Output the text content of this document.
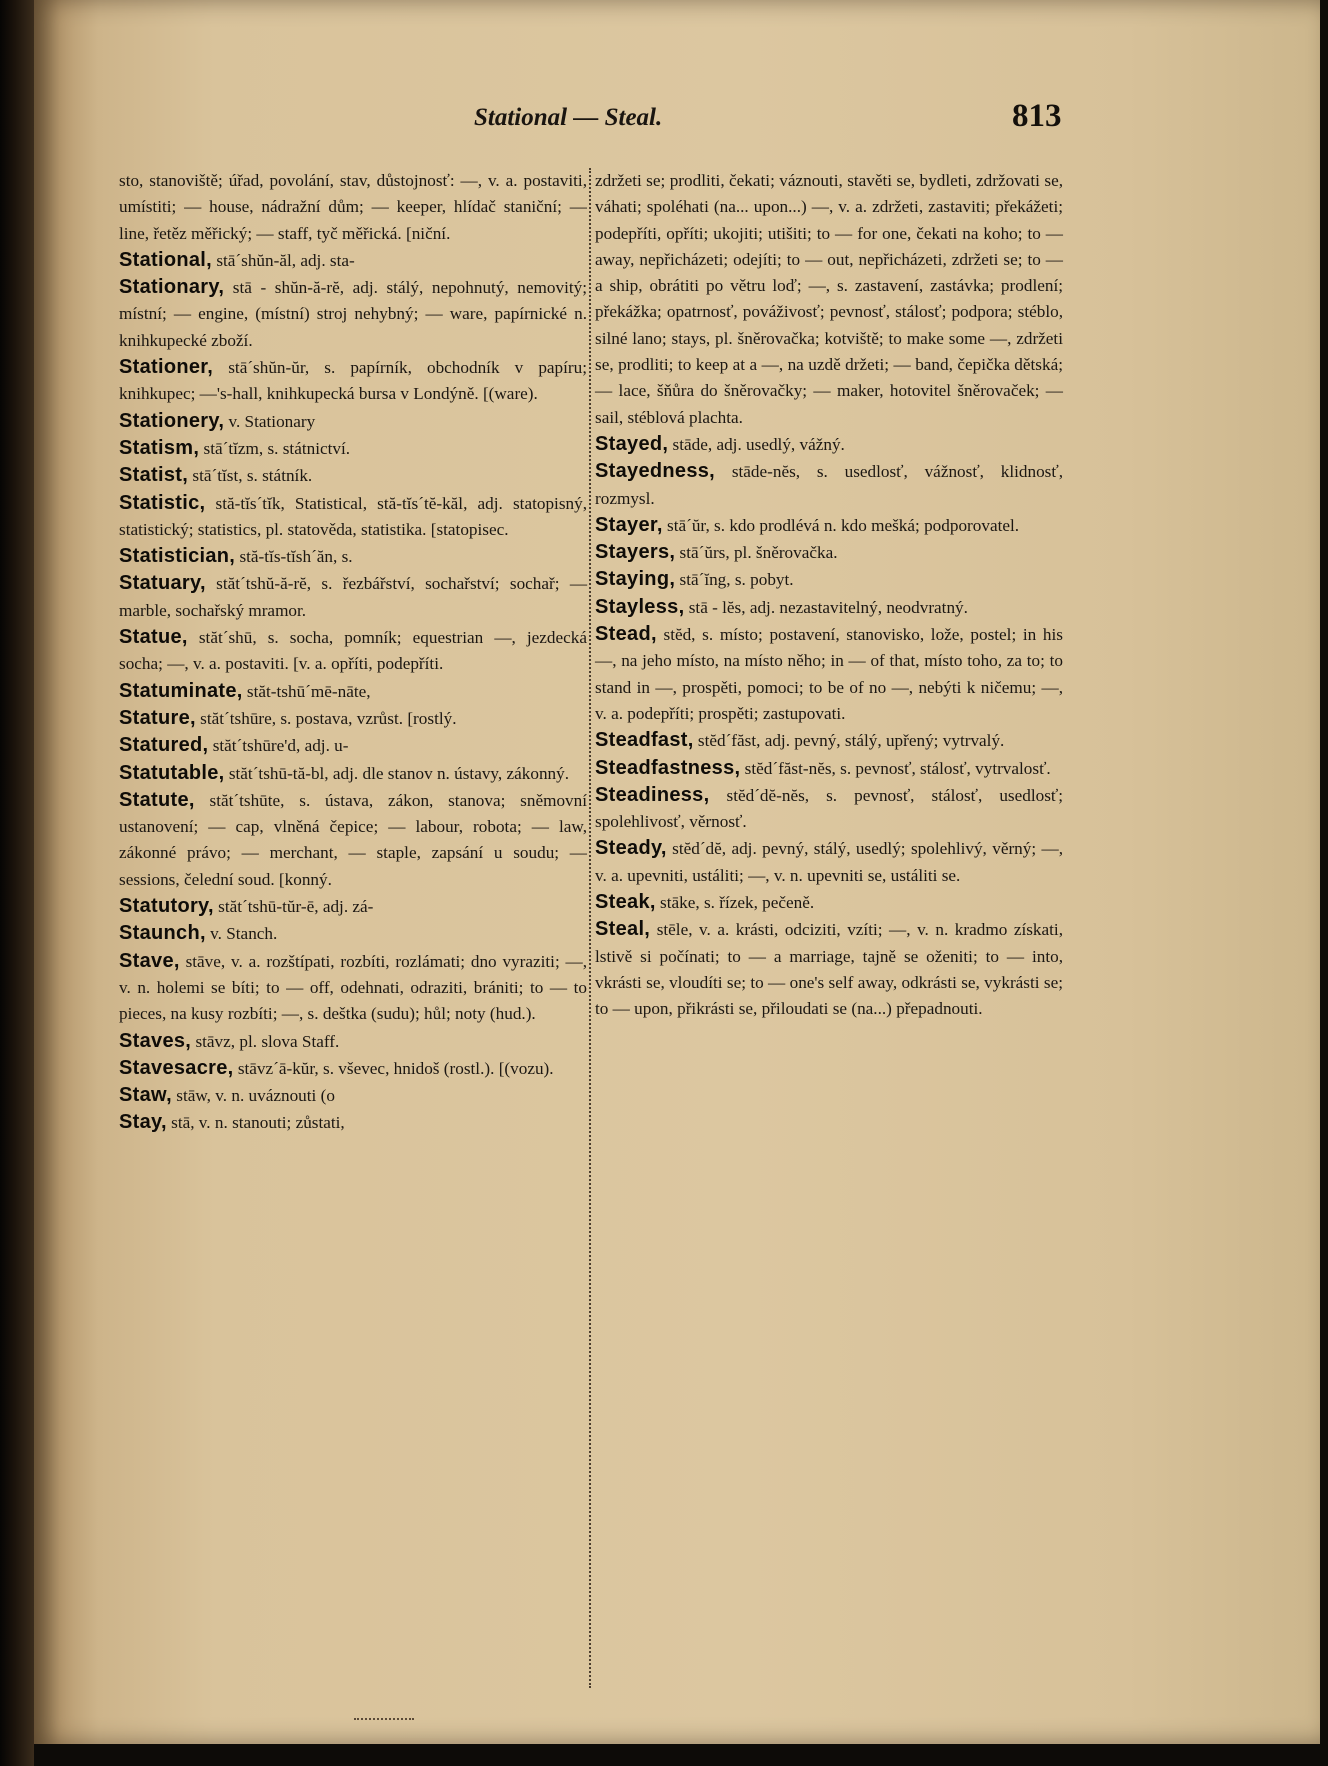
Stational — Steal.	813

sto, stanoviště; úřad, povolání, stav, důstojnosť: —, v. a. postaviti, umístiti; — house, nádražní dům; — keeper, hlídač staniční; — line, řetěz měřický; — staff, tyč měřická. [niční.

Stational, stā´shŭn-ăl, adj. sta-

Stationary, stā - shŭn-ă-rĕ, adj. stálý, nepohnutý, nemovitý; místní; — engine, (místní) stroj nehybný; — ware, papírnické n. knihkupecké zboží.

Stationer, stā´shŭn-ŭr, s. papírník, obchodník v papíru; knihkupec; —'s-hall, knihkupecká bursa v Londýně. [(ware).

Stationery, v. Stationary

Statism, stā´tĭzm, s. státnictví.

Statist, stā´tĭst, s. státník.

Statistic, stă-tĭs´tĭk, Statistical, stă-tĭs´tĕ-kăl, adj. statopisný, statistický; statistics, pl. statověda, statistika. [statopisec.

Statistician, stă-tĭs-tĭsh´ăn, s.

Statuary, stăt´tshŭ-ă-rĕ, s. řezbářství, sochařství; sochař; — marble, sochařský mramor.

Statue, stăt´shū, s. socha, pomník; equestrian —, jezdecká socha; —, v. a. postaviti. [v. a. opříti, podepříti.

Statuminate, stăt-tshū´mē-nāte,

Stature, stăt´tshūre, s. postava, vzrůst. [rostlý.

Statured, stăt´tshūre'd, adj. u-

Statutable, stăt´tshū-tă-bl, adj. dle stanov n. ústavy, zákonný.

Statute, stăt´tshūte, s. ústava, zákon, stanova; sněmovní ustanovení; — cap, vlněná čepice; — labour, robota; — law, zákonné právo; — merchant, — staple, zapsání u soudu; — sessions, čelední soud. [konný.

Statutory, stăt´tshū-tŭr-ē, adj. zá-

Staunch, v. Stanch.

Stave, stāve, v. a. rozštípati, rozbíti, rozlámati; dno vyraziti; —, v. n. holemi se bíti; to — off, odehnati, odraziti, brániti; to — to pieces, na kusy rozbíti; —, s. deštka (sudu); hůl; noty (hud.).

Staves, stāvz, pl. slova Staff.

Stavesacre, stāvz´ā-kŭr, s. vševec, hnidoš (rostl.). [(vozu).

Staw, stāw, v. n. uváznouti (o

Stay, stā, v. n. stanouti; zůstati,

zdržeti se; prodliti, čekati; váznouti, stavěti se, bydleti, zdržovati se, váhati; spoléhati (na... upon...) —, v. a. zdržeti, zastaviti; překážeti; podepříti, opříti; ukojiti; utišiti; to — for one, čekati na koho; to — away, nepřicházeti; odejíti; to — out, nepřicházeti, zdržeti se; to — a ship, obrátiti po větru loď; —, s. zastavení, zastávka; prodlení; překážka; opatrnosť, pováživosť; pevnosť, stálosť; podpora; stéblo, silné lano; stays, pl. šněrovačka; kotviště; to make some —, zdržeti se, prodliti; to keep at a —, na uzdě držeti; — band, čepička dětská; — lace, šňůra do šněrovačky; — maker, hotovitel šněrovaček; — sail, stéblová plachta.

Stayed, stāde, adj. usedlý, vážný.

Stayedness, stāde-nĕs, s. usedlosť, vážnosť, klidnosť, rozmysl.

Stayer, stā´ŭr, s. kdo prodlévá n. kdo mešká; podporovatel.

Stayers, stā´ŭrs, pl. šněrovačka.

Staying, stā´ĭng, s. pobyt.

Stayless, stā - lĕs, adj. nezastavitelný, neodvratný.

Stead, stĕd, s. místo; postavení, stanovisko, lože, postel; in his —, na jeho místo, na místo něho; in — of that, místo toho, za to; to stand in —, prospěti, pomoci; to be of no —, nebýti k ničemu; —, v. a. podepříti; prospěti; zastupovati.

Steadfast, stĕd´făst, adj. pevný, stálý, upřený; vytrvalý.

Steadfastness, stĕd´făst-nĕs, s. pevnosť, stálosť, vytrvalosť.

Steadiness, stĕd´dĕ-nĕs, s. pevnosť, stálosť, usedlosť; spolehlivosť, věrnosť.

Steady, stĕd´dĕ, adj. pevný, stálý, usedlý; spolehlivý, věrný; —, v. a. upevniti, ustáliti; —, v. n. upevniti se, ustáliti se.

Steak, stāke, s. řízek, pečeně.

Steal, stēle, v. a. krásti, odciziti, vzíti; —, v. n. kradmo získati, lstivě si počínati; to — a marriage, tajně se oženiti; to — into, vkrásti se, vloudíti se; to — one's self away, odkrásti se, vykrásti se; to — upon, přikrásti se, přiloudati se (na...) přepadnouti.
